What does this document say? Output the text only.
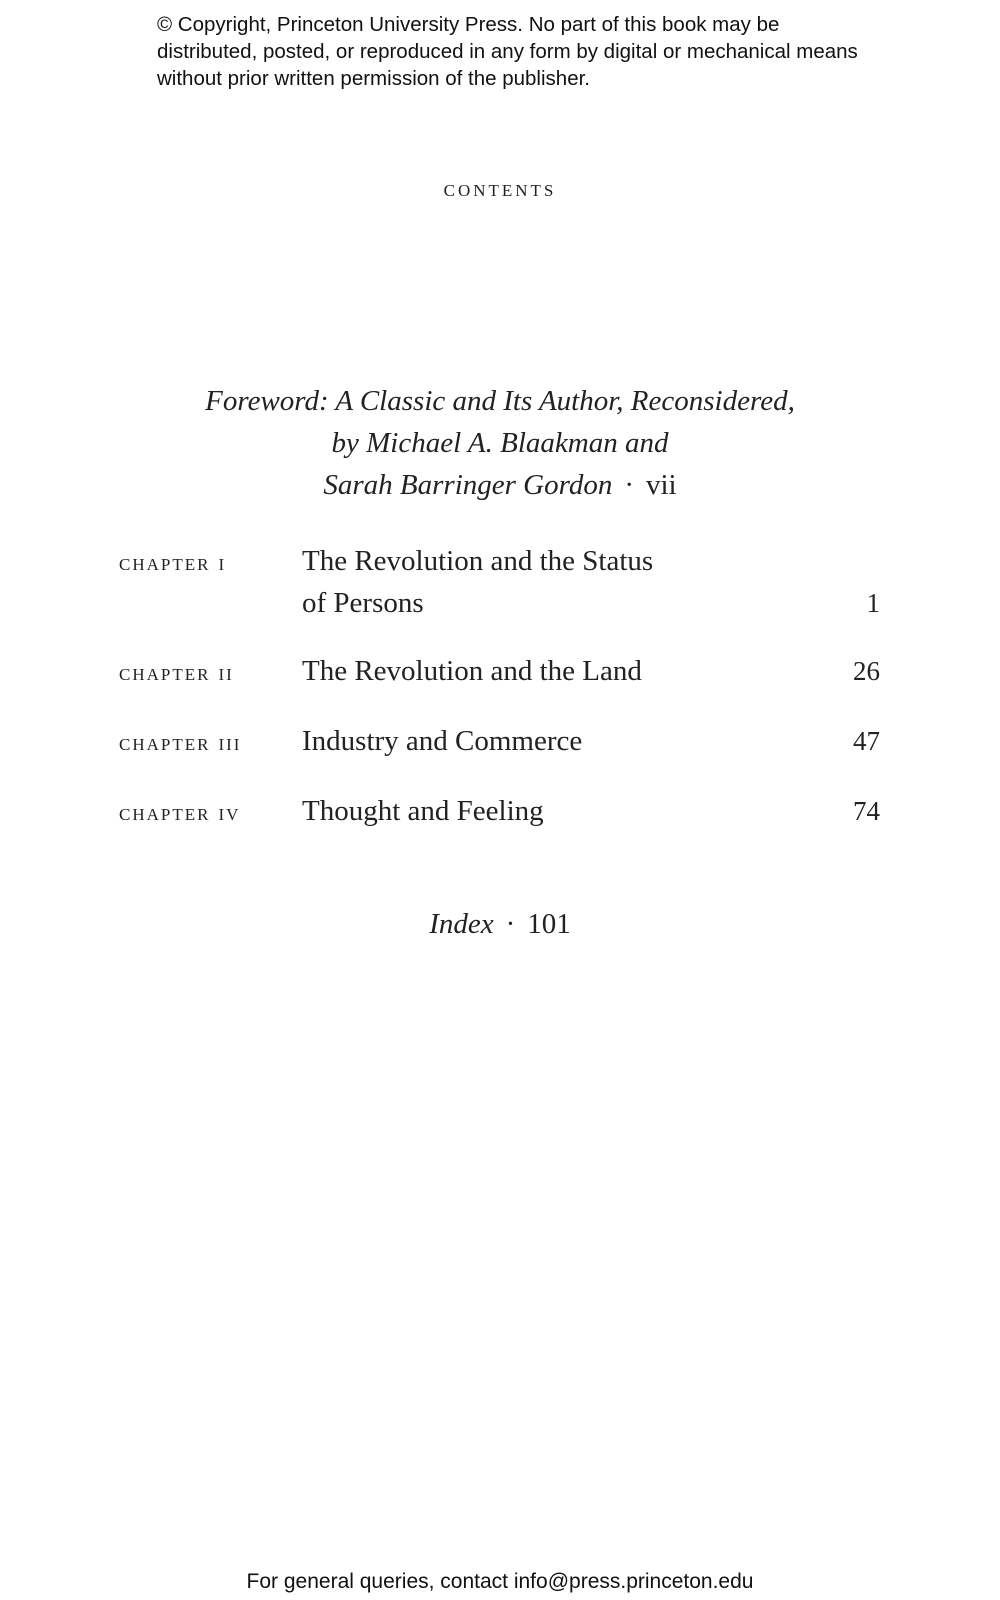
© Copyright, Princeton University Press. No part of this book may be distributed, posted, or reproduced in any form by digital or mechanical means without prior written permission of the publisher.

contents
Foreword: A Classic and Its Author, Reconsidered,
by Michael A. Blaakman and
Sarah Barringer Gordon · vii
chapter i	The Revolution and the Status
of Persons	1
chapter ii	The Revolution and the Land	26
chapter iii	Industry and Commerce	47
chapter iv	Thought and Feeling	74
Index · 101

For general queries, contact info@press.princeton.edu
